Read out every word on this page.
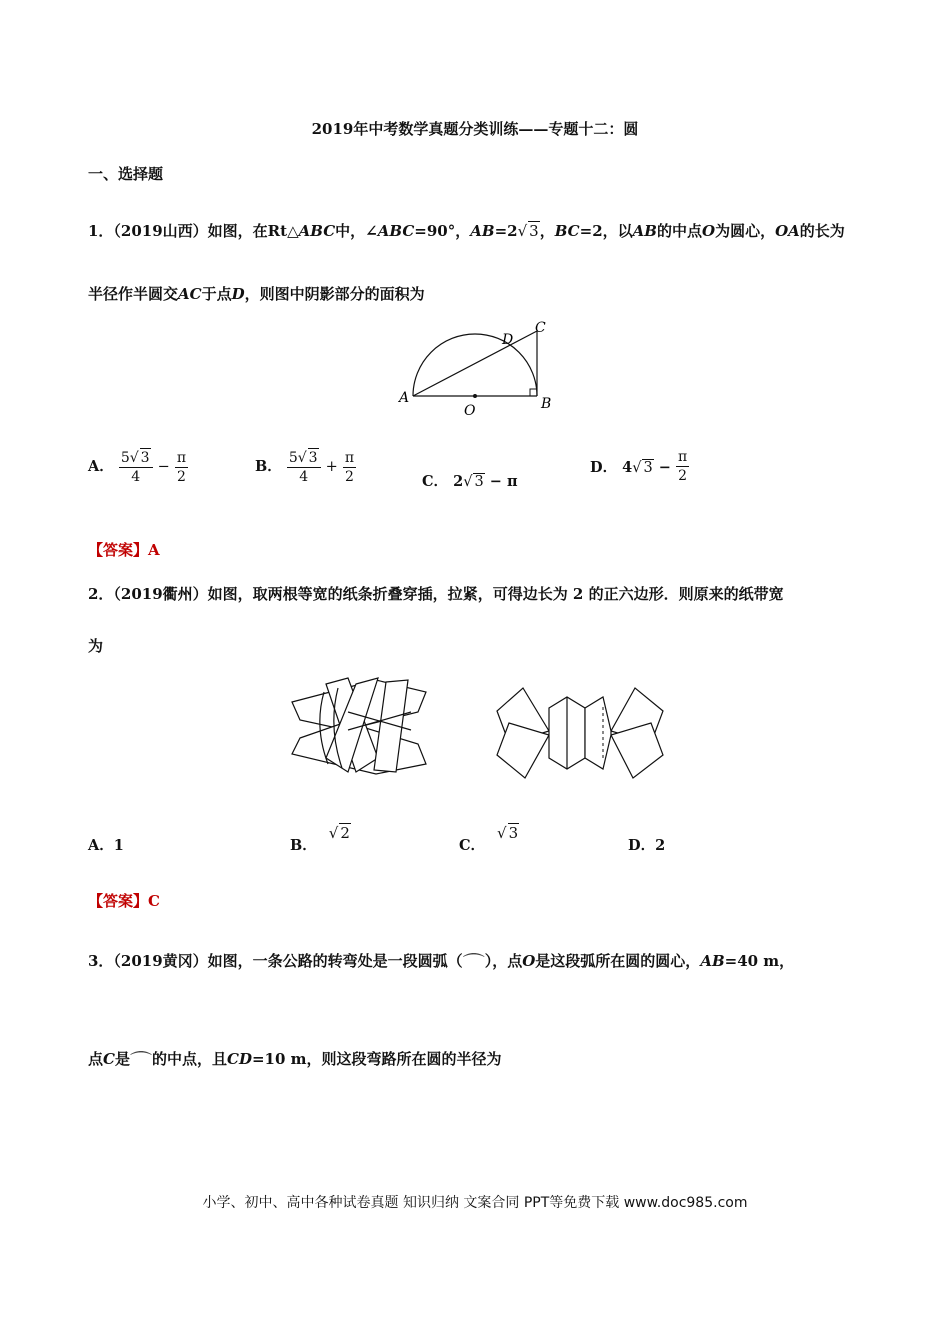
2019年中考数学真题分类训练——专题十二：圆
一、选择题
1．（2019山西）如图，在Rt△ABC中，∠ABC=90°，AB=2√ 3，BC=2，以AB的中点O为圆心，OA的长为
半径作半圆交AC于点D，则图中阴影部分的面积为
A	B
C
D
O
A． $\frac{5√ 3}{4} - \frac{\pi}{2}$	B． $\frac{5√ 3}{4} + \frac{\pi}{2}$	C． 2√ 3 − π
D． 4√ $3 - \frac{\pi}{2}$
【答案】A
2．（2019衢州）如图，取两根等宽的纸条折叠穿插，拉紧，可得边长为 2 的正六边形．则原来的纸带宽
为
A．1	B．√ 2
C．√ 3
D．2
【答案】C
3．（2019黄冈）如图，一条公路的转弯处是一段圆弧（⌒），点O是这段弧所在圆的圆心，AB=40 m，
点C是⌒的中点，且CD=10 m，则这段弯路所在圆的半径为
小学、初中、高中各种试卷真题 知识归纳 文案合同 PPT等免费下载 www.doc985.com
